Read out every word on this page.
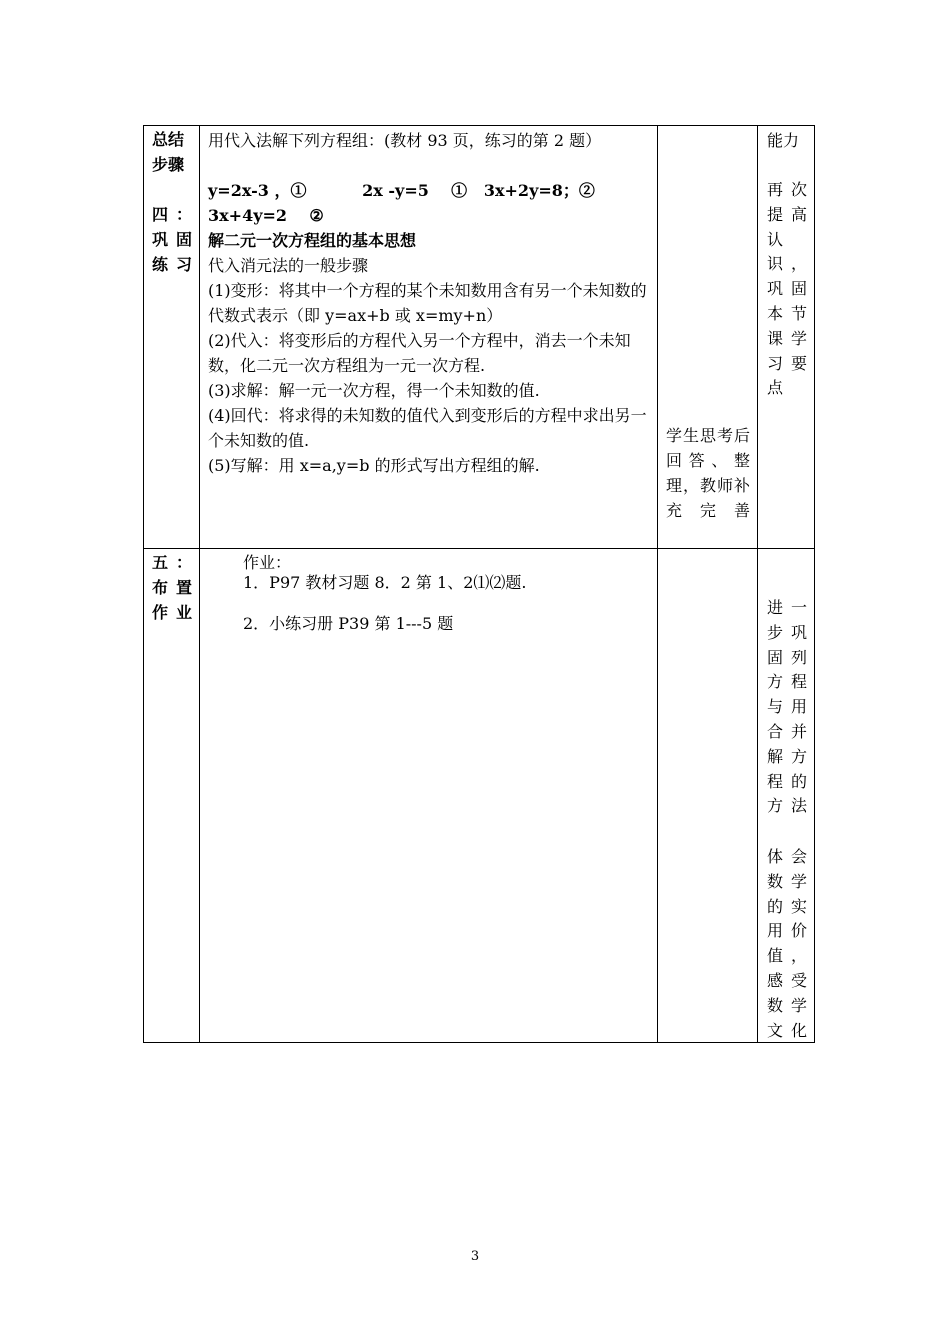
总结步骤
四：巩固练习
用代入法解下列方程组：(教材 93 页，练习的第 2 题）
y=2x-3 ，①          2x -y=5    ①   3x+2y=8；②
3x+4y=2    ②
解二元一次方程组的基本思想

代入消元法的一般步骤

(1)变形：将其中一个方程的某个未知数用含有另一个未知数的代数式表示（即 y=ax+b 或 x=my+n）

(2)代入：将变形后的方程代入另一个方程中，消去一个未知数，化二元一次方程组为一元一次方程.

(3)求解：解一元一次方程，得一个未知数的值.

(4)回代：将求得的未知数的值代入到变形后的方程中求出另一个未知数的值.

(5)写解：用 x=a,y=b 的形式写出方程组的解.

学生思考后回答、整理，教师补充完善
能力
再次提高认识，巩固本节课学习要点
五：布置作业
作业：
1．P97 教材习题 8．2 第 1、2⑴⑵题.
2．小练习册 P39 第 1---5 题
进一步巩固列方程与用合并解方程的方法
体会数学的实用价值，感受数学文化
3
